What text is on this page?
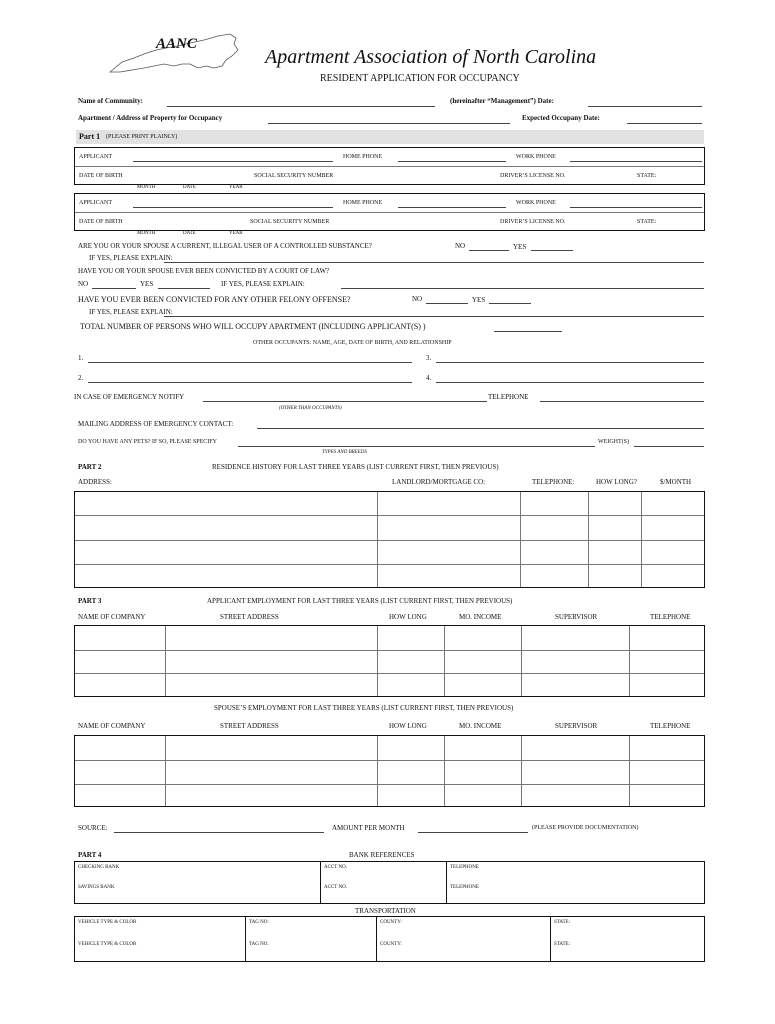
AANC
Apartment Association of North Carolina
RESIDENT APPLICATION FOR OCCUPANCY
Name of Community:	(hereinafter “Management”) Date:
Apartment / Address of Property for Occupancy	Expected Occupany Date:
Part 1 (PLEASE PRINT PLAINLY)
APPLICANT	HOME PHONE	WORK PHONE
DATE OF BIRTH	SOCIAL SECURITY NUMBER	DRIVER’S LICENSE NO.	STATE:
MONTH	DATE	YEAR
APPLICANT	HOME PHONE	WORK PHONE
DATE OF BIRTH	SOCIAL SECURITY NUMBER	DRIVER’S LICENSE NO.	STATE:
MONTH	DATE	YEAR
ARE YOU OR YOUR SPOUSE A CURRENT, ILLEGAL USER OF A CONTROLLED SUBSTANCE?	NO	YES
IF YES, PLEASE EXPLAIN:
HAVE YOU OR YOUR SPOUSE EVER BEEN CONVICTED BY A COURT OF LAW?
NO	YES	IF YES, PLEASE EXPLAIN:
HAVE YOU EVER BEEN CONVICTED FOR ANY OTHER FELONY OFFENSE?	NO	YES
IF YES, PLEASE EXPLAIN:
TOTAL NUMBER OF PERSONS WHO WILL OCCUPY APARTMENT (INCLUDING APPLICANT(S) )
OTHER OCCUPANTS: NAME, AGE, DATE OF BIRTH, AND RELATIONSHIP
1.	3.
2.	4.
IN CASE OF EMERGENCY NOTIFY	TELEPHONE
(OTHER THAN OCCUPANTS)
MAILING ADDRESS OF EMERGENCY CONTACT:
DO YOU HAVE ANY PETS? IF SO, PLEASE SPECIFY	WEIGHT(S)
TYPES AND BREEDS
PART 2	RESIDENCE HISTORY FOR LAST THREE YEARS (LIST CURRENT FIRST, THEN PREVIOUS)
ADDRESS:	LANDLORD/MORTGAGE CO:	TELEPHONE:	HOW LONG?	$/MONTH
PART 3	APPLICANT EMPLOYMENT FOR LAST THREE YEARS (LIST CURRENT FIRST, THEN PREVIOUS)
NAME OF COMPANY	STREET ADDRESS	HOW LONG	MO. INCOME	SUPERVISOR	TELEPHONE
SPOUSE’S EMPLOYMENT FOR LAST THREE YEARS (LIST CURRENT FIRST, THEN PREVIOUS)
NAME OF COMPANY	STREET ADDRESS	HOW LONG	MO. INCOME	SUPERVISOR	TELEPHONE
SOURCE:	AMOUNT PER MONTH	(PLEASE PROVIDE DOCUMENTATION)
PART 4	BANK REFERENCES
CHECKING BANK	ACCT NO.	TELEPHONE
SAVINGS BANK	ACCT NO.	TELEPHONE
TRANSPORTATION
VEHICLE TYPE & COLOR	TAG NO:	COUNTY:	STATE:
VEHICLE TYPE & COLOR	TAG NO.	COUNTY:	STATE:
